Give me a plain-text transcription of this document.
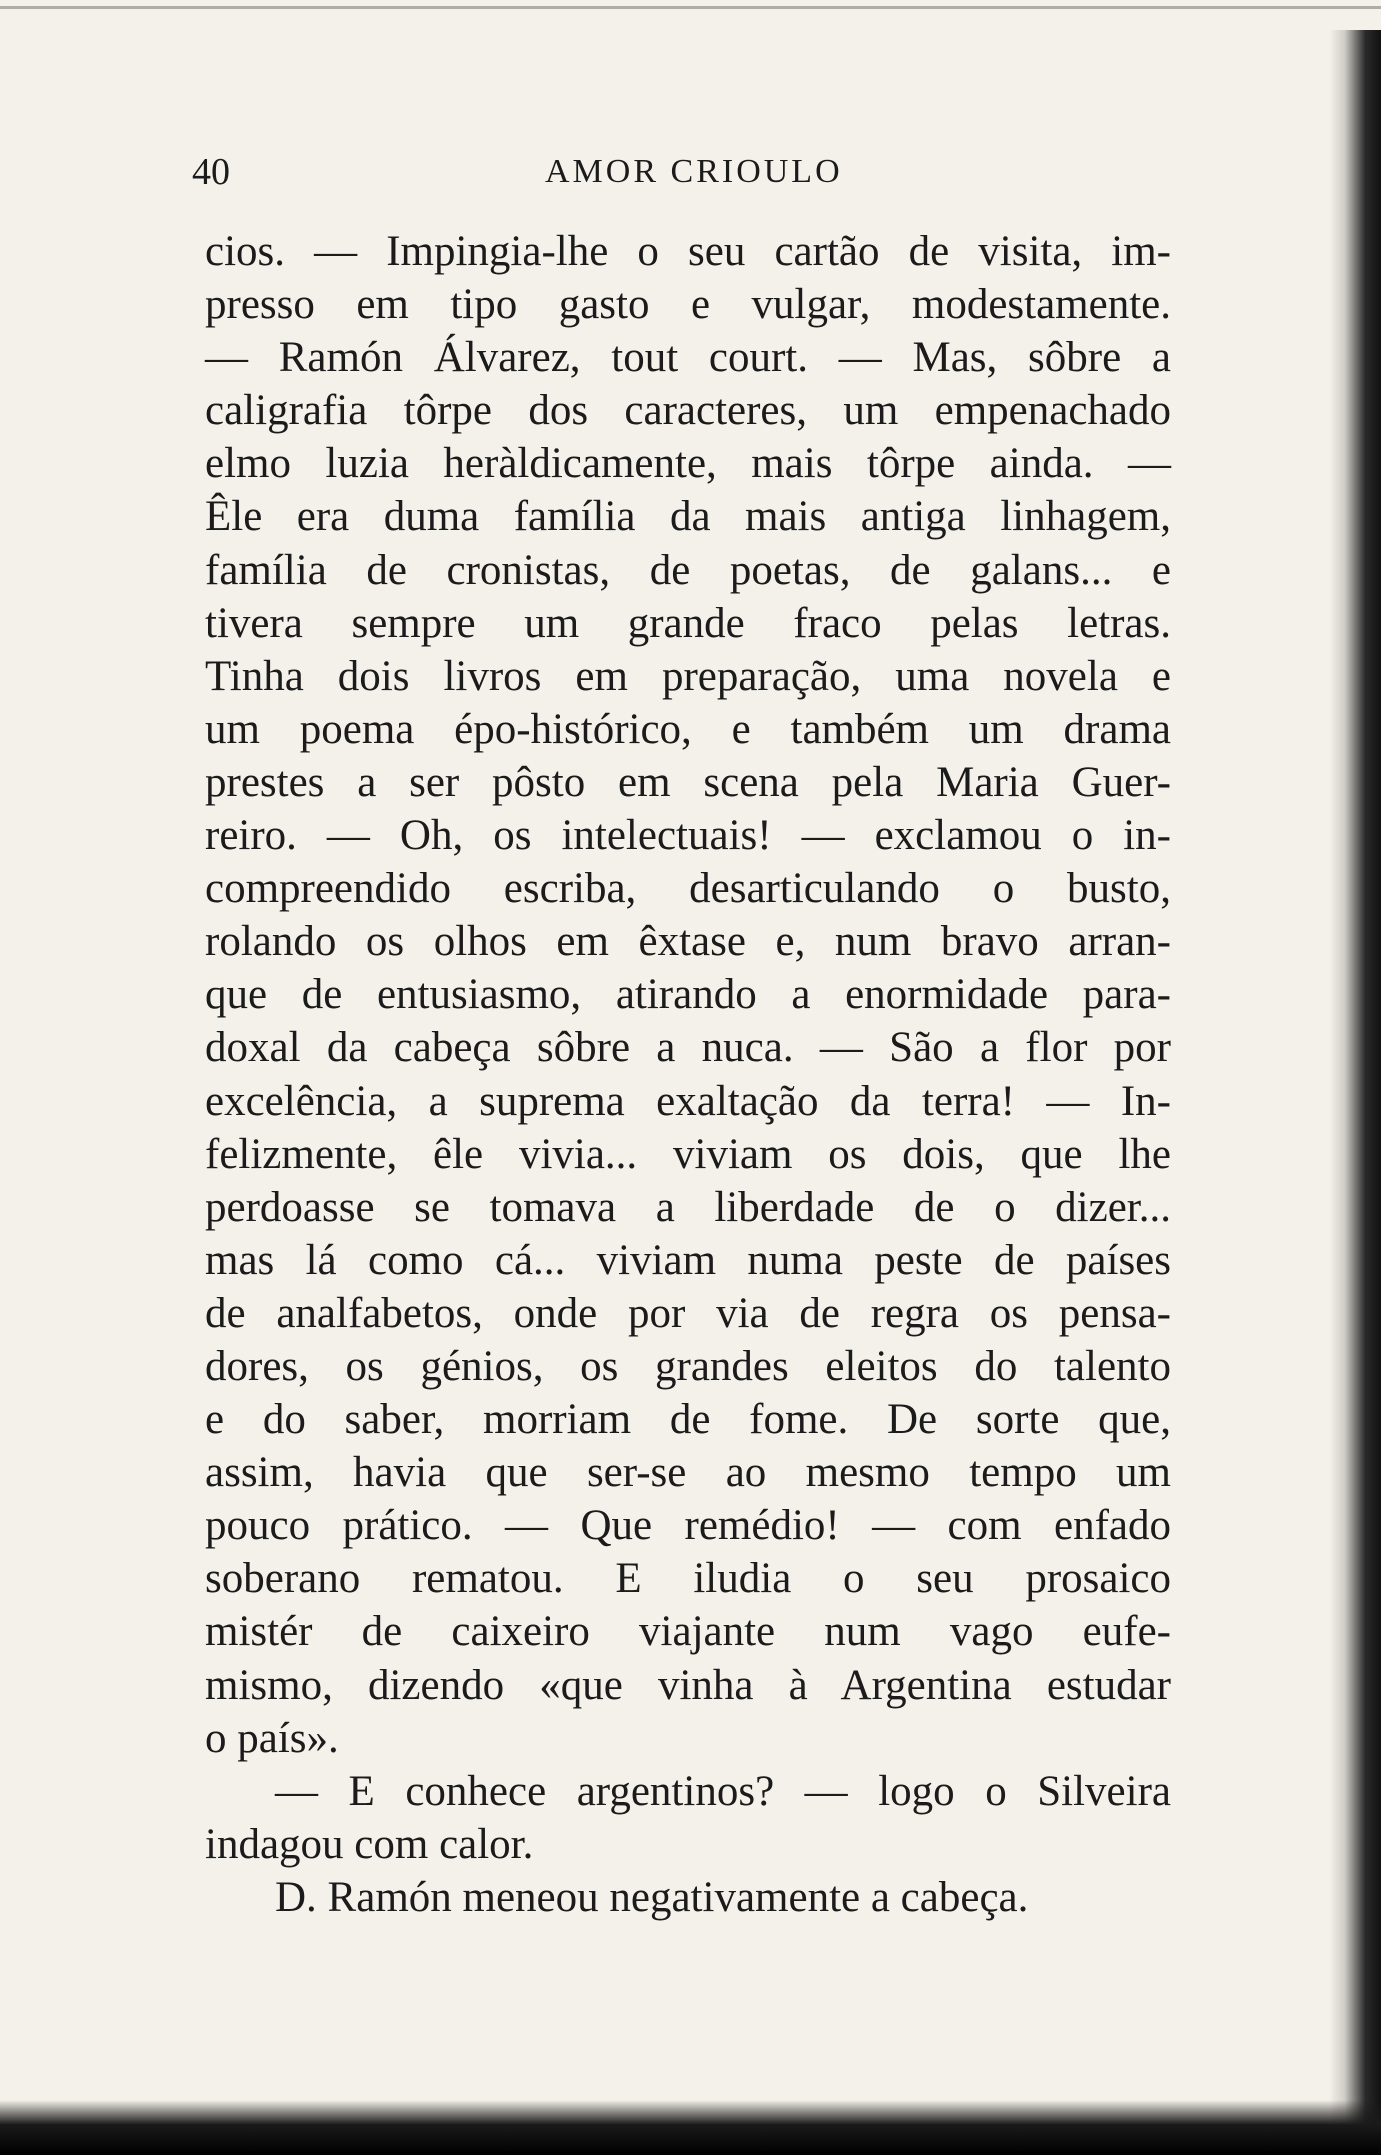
40	AMOR CRIOULO
cios. — Impingia-lhe o seu cartão de visita, im-
presso em tipo gasto e vulgar, modestamente.
— Ramón Álvarez, tout court. — Mas, sôbre a
caligrafia tôrpe dos caracteres, um empenachado
elmo luzia heràldicamente, mais tôrpe ainda. —
Êle era duma família da mais antiga linhagem,
família de cronistas, de poetas, de galans... e
tivera sempre um grande fraco pelas letras.
Tinha dois livros em preparação, uma novela e
um poema épo-histórico, e também um drama
prestes a ser pôsto em scena pela Maria Guer-
reiro. — Oh, os intelectuais! — exclamou o in-
compreendido escriba, desarticulando o busto,
rolando os olhos em êxtase e, num bravo arran-
que de entusiasmo, atirando a enormidade para-
doxal da cabeça sôbre a nuca. — São a flor por
excelência, a suprema exaltação da terra! — In-
felizmente, êle vivia... viviam os dois, que lhe
perdoasse se tomava a liberdade de o dizer...
mas lá como cá... viviam numa peste de países
de analfabetos, onde por via de regra os pensa-
dores, os génios, os grandes eleitos do talento
e do saber, morriam de fome. De sorte que,
assim, havia que ser-se ao mesmo tempo um
pouco prático. — Que remédio! — com enfado
soberano rematou. E iludia o seu prosaico
mistér de caixeiro viajante num vago eufe-
mismo, dizendo «que vinha à Argentina estudar
o país».
— E conhece argentinos? — logo o Silveira
indagou com calor.
D. Ramón meneou negativamente a cabeça.
